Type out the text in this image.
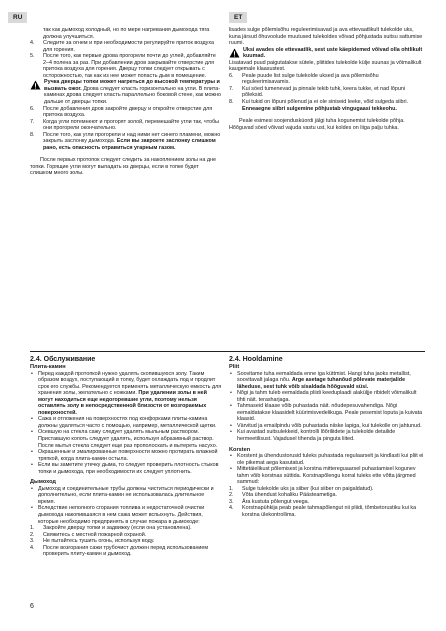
RU	ET

так как дымоход холодный, но по мере нагревания дымохода тяга должна улучшиться.

4. Следите за огнем и при необходимости регулируйте приток воздуха для горения.
5. После того, как первые дрова прогорели почти до углей, добавляйте 2–4 полена за раз. При добавлении дров закрывайте отверстие для притока воздуха для горения. Дверцу топки следует открывать с осторожностью, так как из нее может попасть дым в помещение.
Ручка дверцы топки может нагреться до высокой температуры и вызвать ожог. Дрова следует класть горизонтально на угли. В плита-каминах дрова следует класть параллельно боковой стене, как можно дальше от дверцы топки.
6. После добавления дров закройте дверцу и откройте отверстие для притока воздуха.
7. Когда угли потемнеют и прогорят золой, перемешайте угли так, чтобы они прогорели окончательно.
8. После того, как угли прогорели и над ними нет синего пламени, можно закрыть заслонку дымохода. Если вы закроете заслонку слишком рано, есть опасность отравиться угарным газом.

После первых протопок следует следить за накоплением золы на дне топки. Горящие угли могут выпадать из дверцы, если в топке будет слишком много золы.

lisades sulge põlemisõhu reguleerimisavad ja ava ettevaatlikult tulekolde uks, kuna järsud õhuvoolude muutused tulekoldes võivad põhjustada suitsu sattumise ruumi.

Uksi avades ole ettevaatlik, sest uste käepidemed võivad olla ohtlikult kuumad.

Lisatavad puud paigutatakse sütele, pliitides tulekolde külje suunas ja võimalikult kaugemale klaasustest.

6. Peale puude list sulge tulekolde uksed ja ava põlemisõhu reguleerimisavamis.
7. Kui söed tumenevad ja pinnale tekib tuhk, keera tukke, et nad lõpuni põleksid.
8. Kui tukid on lõpuni põlenud ja ei ole siniseid leeke, võid sulgeda siibri. Enneaegne siibri sulgemine põhjustab vingugaasi tekkeohu.

Peale esimesi soojendusküordi jälgi tuha kogunemist tulekolde põhja. Hõõguvad söed võivad vajuda vastu ust, kui koldes on liiga palju tuhka.

2.4. Обслуживание

Плита-камин

• Перед каждой протопкой нужно удалять скопившуюся золу. Таким образом воздух, поступающий в топку, будет охлаждать под и продлит срок его службы. Рекомендуется применять металлическую емкость для хранения золы, желательно с ножками. При удалении золы в ней могут находиться еще недогоревшие угли, поэтому нельзя оставлять золу в непосредственной близости от возгораемых поверхностей.
• Сажа и отложения на поверхностях под конфорками плиты-камина должны удаляться часто с помощью, например, металлической щетки.
• Осевшую на стекла сажу следует удалять мыльным раствором. Приставшую копоть следует удалять, используя абразивный раствор. После мытья стекла следует еще раз прополоскать и вытереть насухо.
• Окрашенные и эмалированные поверхности можно протирать влажной тряпкой, когда плита-камин остыла.
• Если вы заметите утечку дыма, то следует проверить плотность стыков топки и дымохода, при необходимости их следует уплотнить.

Дымоход

• Дымоход и соединительные трубы должны чиститься периодически и дополнительно, если плита-камин не использовалась длительное время.
• Вследствие неполного сгорания топлива и недостаточной очистки дымохода накопившаяся в нем сажа может вспыхнуть. Действия, которые необходимо предпринять в случае пожара в дымоходе:
1. Закройте дверцу топки и задвижку (если она установлена).
2. Свяжитесь с местной пожарной охраной.
3. Не пытайтесь тушить огонь, используя воду.
4. После возгорания сажи трубочист должен перед использованием проверить плиту-камин и дымоход.

2.4. Hooldamine

Pliit

• Soovitame tuha eemaldada enne iga küttmist. Hangi tuha jaoks metallist, soovitavalt jalaga nõu. Arge asetage tuhanõud põlevate materjalide läheduse, sest tuhk võib sisaldada hõõguvald süsi.
• Nõgi ja tahm tuleb eemaldada pliidi keeduplaadi alaküljje ribidelt võimalikult tihti näit. terasharjaga.
• Tahmaseid klaase võib puhastada näit. nõudepesuvahendiga. Nõgi eemaldatakse klaasidelt küürimisvedelikuga. Peale pesemist loputa ja kuivata klaasid.
• Värvitud ja emailpindu võib puhastada niiske lapiga, kui tulekolle on jahtunud.
• Kui avastad suitsulekkeid, kontrolli lõõriliidete ja tulekolde detailide hermeetilisust. Vajadusel tihenda ja pinguta liited.

Korsten

• Korstent ja ühendustorusid tuleks puhastada regulaarselt ja kindlasti kui pliit ei ole pikemat aega kasutatud.
• Mittetäielikust põlemisest ja korstna mittereguaarsel puhastamisel kogunev tahm võib korstnas süttida. Korstnapõlengu korral tuleks ette võtta järgmed sammud:
1. Sulge tulekolde uks ja siiber (kui siiber on paigaldatud).
2. Võta ühendust kohaliku Päästeametiga.
3. Ära kustuta põlengut veega.
4. Korstnapühkija peab peale tahmapõlengut nii pliidi, tõmbetorustiku kui ka korstna ülekontrollima.
6
